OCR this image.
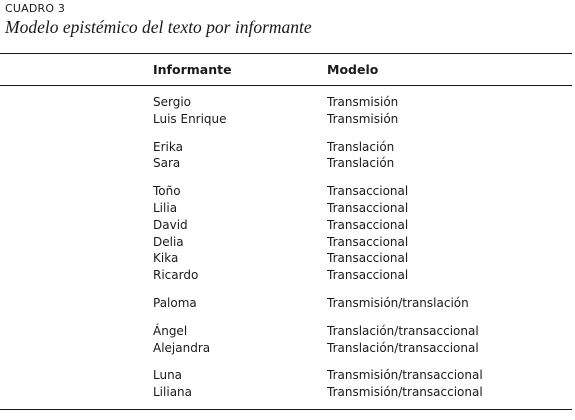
CUADRO 3
Modelo epistémico del texto por informante
Informante	Modelo
Sergio	Transmisión
Luis Enrique	Transmisión
Erika	Translación
Sara	Translación
Toño	Transaccional
Lilia	Transaccional
David	Transaccional
Delia	Transaccional
Kika	Transaccional
Ricardo	Transaccional
Paloma	Transmisión/translación
Ángel	Translación/transaccional
Alejandra	Translación/transaccional
Luna	Transmisión/transaccional
Liliana	Transmisión/transaccional
